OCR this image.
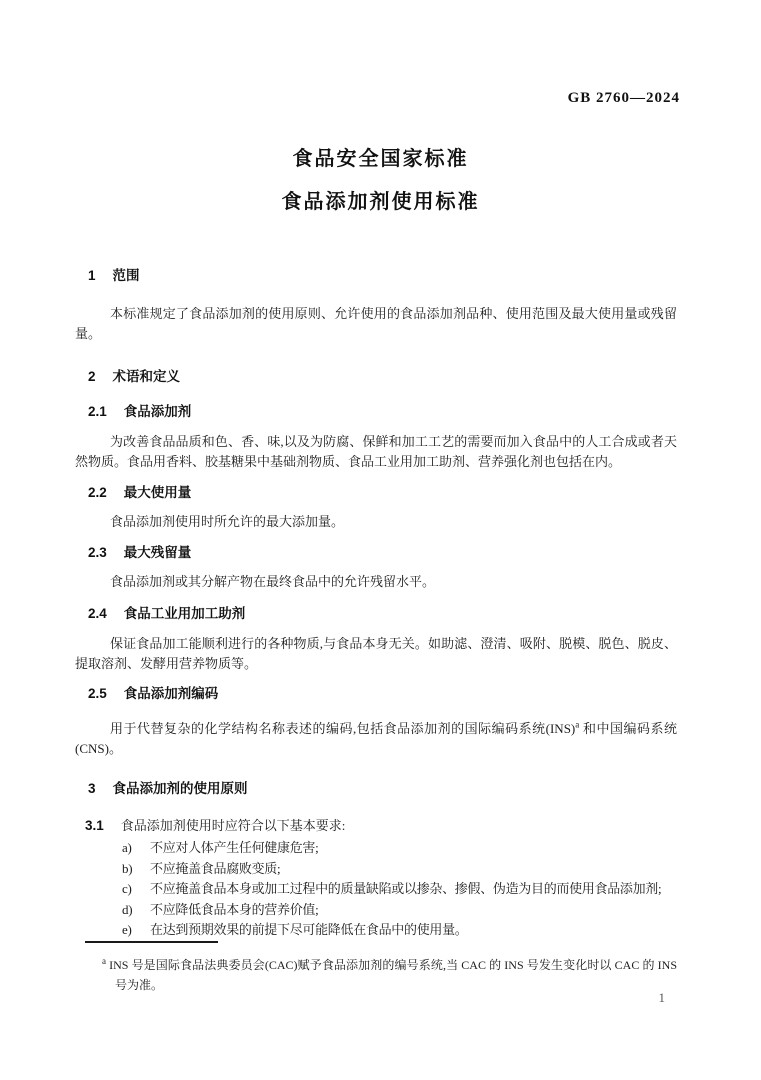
GB 2760—2024
食品安全国家标准
食品添加剂使用标准
1 范围
本标准规定了食品添加剂的使用原则、允许使用的食品添加剂品种、使用范围及最大使用量或残留量。
2 术语和定义
2.1 食品添加剂
为改善食品品质和色、香、味,以及为防腐、保鲜和加工工艺的需要而加入食品中的人工合成或者天然物质。食品用香料、胶基糖果中基础剂物质、食品工业用加工助剂、营养强化剂也包括在内。
2.2 最大使用量
食品添加剂使用时所允许的最大添加量。
2.3 最大残留量
食品添加剂或其分解产物在最终食品中的允许残留水平。
2.4 食品工业用加工助剂
保证食品加工能顺利进行的各种物质,与食品本身无关。如助滤、澄清、吸附、脱模、脱色、脱皮、提取溶剂、发酵用营养物质等。
2.5 食品添加剂编码
用于代替复杂的化学结构名称表述的编码,包括食品添加剂的国际编码系统(INS)$^a$ 和中国编码系统 (CNS)。
3 食品添加剂的使用原则
3.1 食品添加剂使用时应符合以下基本要求:
a)	不应对人体产生任何健康危害;
b)	不应掩盖食品腐败变质;
c)	不应掩盖食品本身或加工过程中的质量缺陷或以掺杂、掺假、伪造为目的而使用食品添加剂;
d)	不应降低食品本身的营养价值;
e)	在达到预期效果的前提下尽可能降低在食品中的使用量。
$^a$ INS 号是国际食品法典委员会(CAC)赋予食品添加剂的编号系统,当 CAC 的 INS 号发生变化时以 CAC 的 INS 号为准。
1
